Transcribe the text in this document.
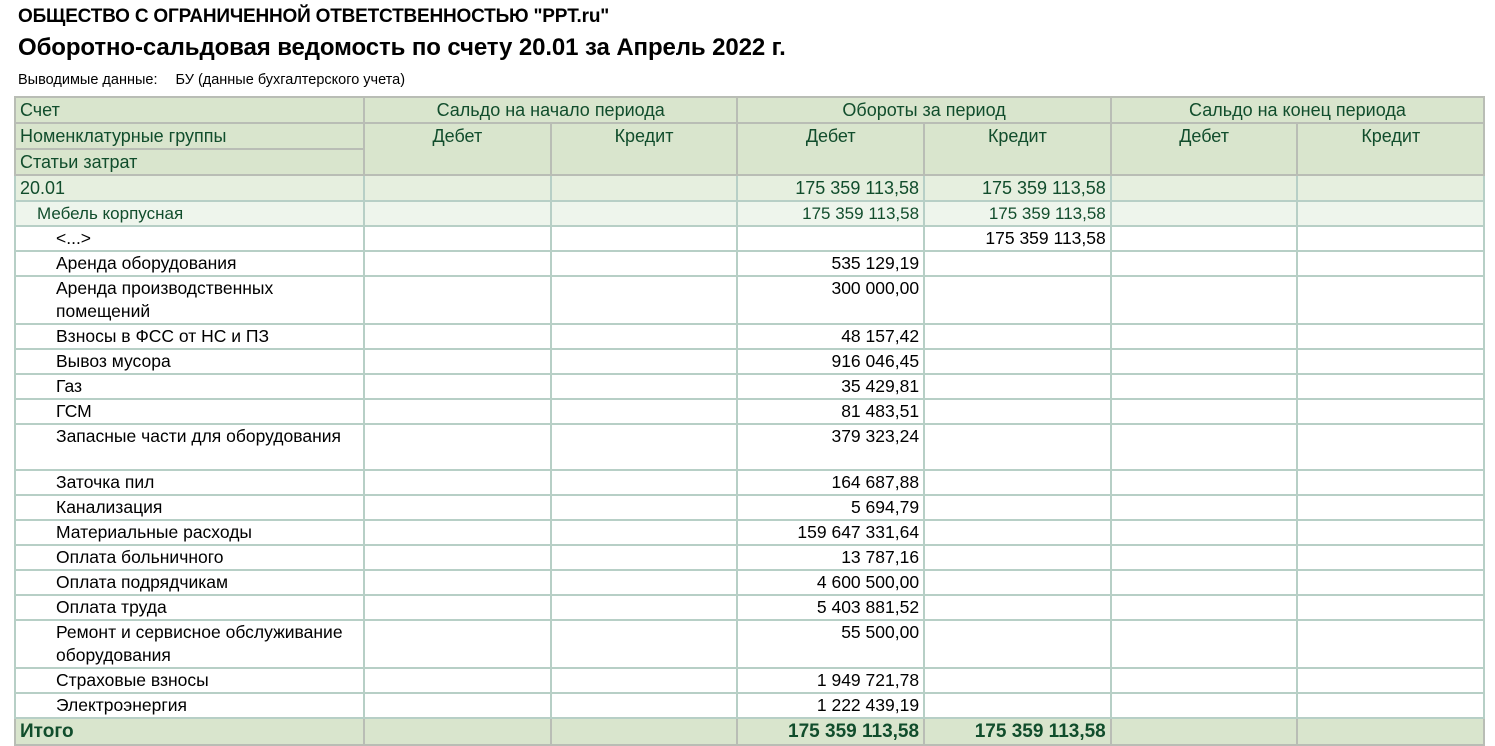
ОБЩЕСТВО С ОГРАНИЧЕННОЙ ОТВЕТСТВЕННОСТЬЮ "PPT.ru"
Оборотно-сальдовая ведомость по счету 20.01 за Апрель 2022 г.
Выводимые данные: БУ (данные бухгалтерского учета)
Счет	Сальдо на начало периода		Обороты за период		Сальдо на конец периода	
Номенклатурные группы	Дебет	Кредит	Дебет	Кредит	Дебет	Кредит
Статьи затрат						
20.01			175 359 113,58	175 359 113,58		
Мебель корпусная			175 359 113,58	175 359 113,58		
<...>				175 359 113,58		
Аренда оборудования			535 129,19			
Аренда производственных помещений			300 000,00			
Взносы в ФСС от НС и ПЗ			48 157,42			
Вывоз мусора			916 046,45			
Газ			35 429,81			
ГСМ			81 483,51			
Запасные части для оборудования			379 323,24			
Заточка пил			164 687,88			
Канализация			5 694,79			
Материальные расходы			159 647 331,64			
Оплата больничного			13 787,16			
Оплата подрядчикам			4 600 500,00			
Оплата труда			5 403 881,52			
Ремонт и сервисное обслуживание оборудования			55 500,00			
Страховые взносы			1 949 721,78			
Электроэнергия			1 222 439,19			
Итого			175 359 113,58	175 359 113,58		
